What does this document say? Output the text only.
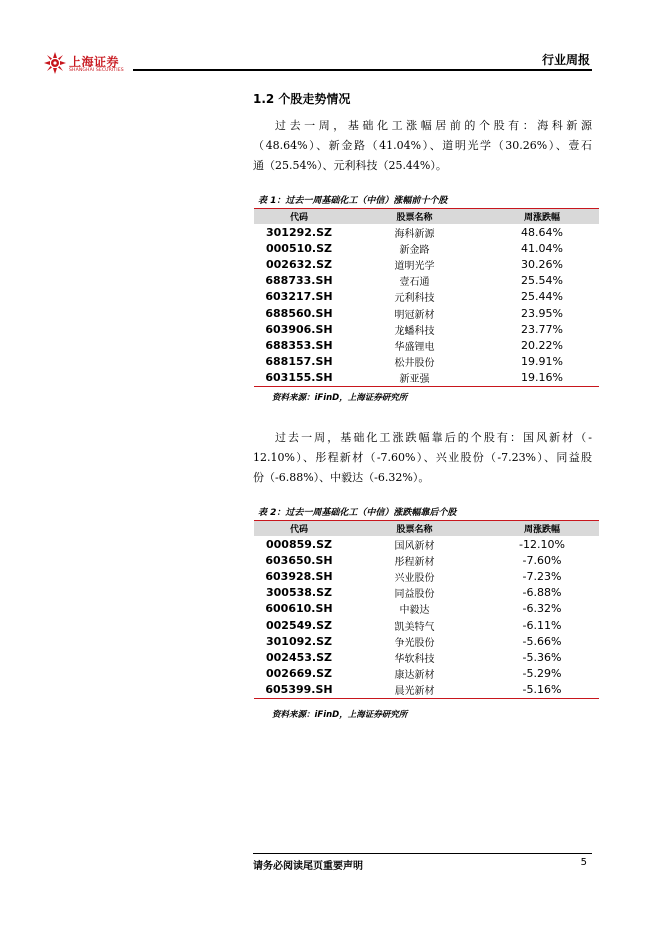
上海证券
SHANGHAI SECURITIES
行业周报
1.2 个股走势情况
过去一周，基础化工涨幅居前的个股有：海科新源
（48.64%）、新金路（41.04%）、道明光学（30.26%）、壹石
通（25.54%）、元利科技（25.44%）。
表 1：过去一周基础化工（中信）涨幅前十个股
代码	股票名称	周涨跌幅
301292.SZ	海科新源	48.64%
000510.SZ	新金路	41.04%
002632.SZ	道明光学	30.26%
688733.SH	壹石通	25.54%
603217.SH	元利科技	25.44%
688560.SH	明冠新材	23.95%
603906.SH	龙蟠科技	23.77%
688353.SH	华盛锂电	20.22%
688157.SH	松井股份	19.91%
603155.SH	新亚强	19.16%
资料来源：iFinD，上海证券研究所
过去一周，基础化工涨跌幅靠后的个股有：国风新材（-
12.10%）、彤程新材（-7.60%）、兴业股份（-7.23%）、同益股
份（-6.88%）、中毅达（-6.32%）。
表 2：过去一周基础化工（中信）涨跌幅靠后个股
代码	股票名称	周涨跌幅
000859.SZ	国风新材	-12.10%
603650.SH	彤程新材	-7.60%
603928.SH	兴业股份	-7.23%
300538.SZ	同益股份	-6.88%
600610.SH	中毅达	-6.32%
002549.SZ	凯美特气	-6.11%
301092.SZ	争光股份	-5.66%
002453.SZ	华软科技	-5.36%
002669.SZ	康达新材	-5.29%
605399.SH	晨光新材	-5.16%
资料来源：iFinD，上海证券研究所
请务必阅读尾页重要声明	5
